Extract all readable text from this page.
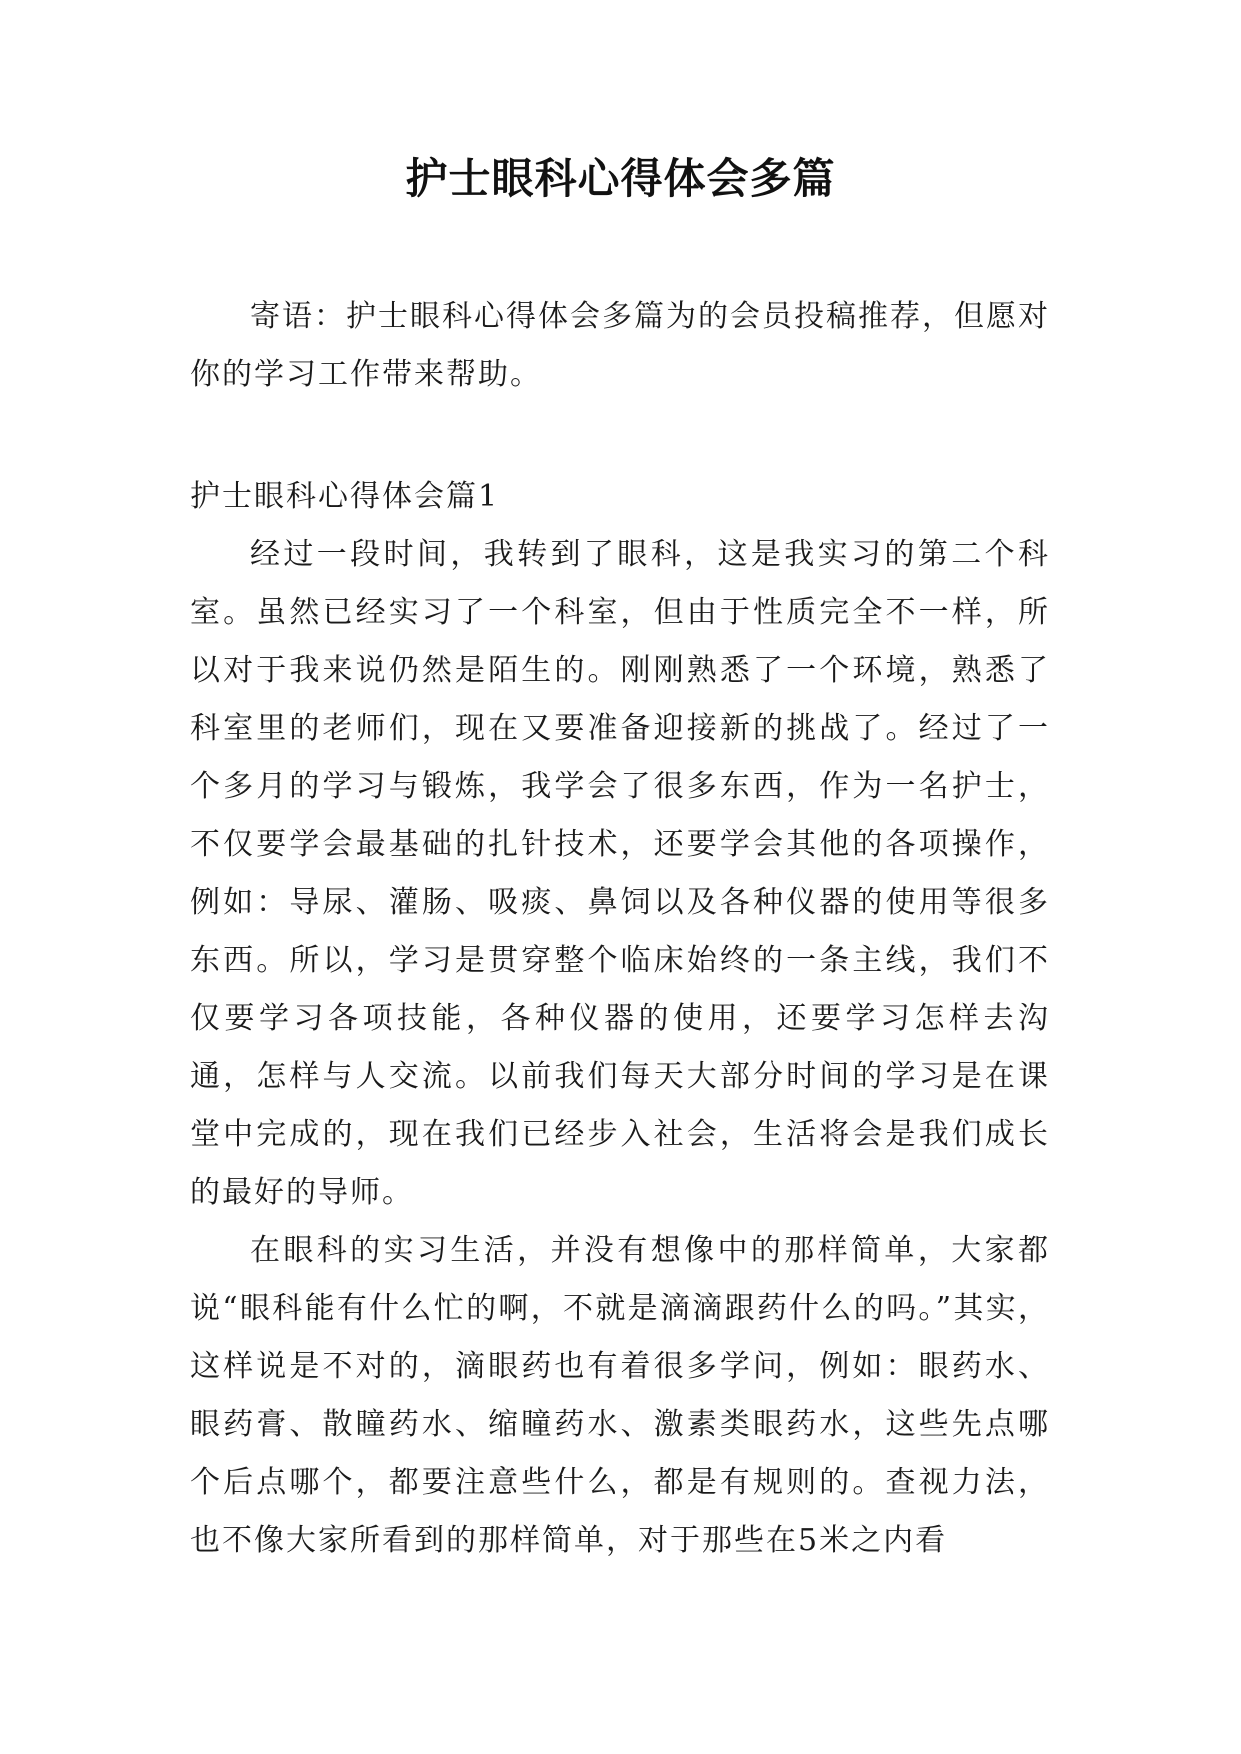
护士眼科心得体会多篇

寄语：护士眼科心得体会多篇为的会员投稿推荐，但愿对你的学习工作带来帮助。

护士眼科心得体会篇1

经过一段时间，我转到了眼科，这是我实习的第二个科室。虽然已经实习了一个科室，但由于性质完全不一样，所以对于我来说仍然是陌生的。刚刚熟悉了一个环境，熟悉了科室里的老师们，现在又要准备迎接新的挑战了。经过了一个多月的学习与锻炼，我学会了很多东西，作为一名护士，不仅要学会最基础的扎针技术，还要学会其他的各项操作，例如：导尿、灌肠、吸痰、鼻饲以及各种仪器的使用等很多东西。所以，学习是贯穿整个临床始终的一条主线，我们不仅要学习各项技能，各种仪器的使用，还要学习怎样去沟通，怎样与人交流。以前我们每天大部分时间的学习是在课堂中完成的，现在我们已经步入社会，生活将会是我们成长的最好的导师。

在眼科的实习生活，并没有想像中的那样简单，大家都说“眼科能有什么忙的啊，不就是滴滴跟药什么的吗。”其实，这样说是不对的，滴眼药也有着很多学问，例如：眼药水、眼药膏、散瞳药水、缩瞳药水、激素类眼药水，这些先点哪个后点哪个，都要注意些什么，都是有规则的。查视力法，也不像大家所看到的那样简单，对于那些在5米之内看
